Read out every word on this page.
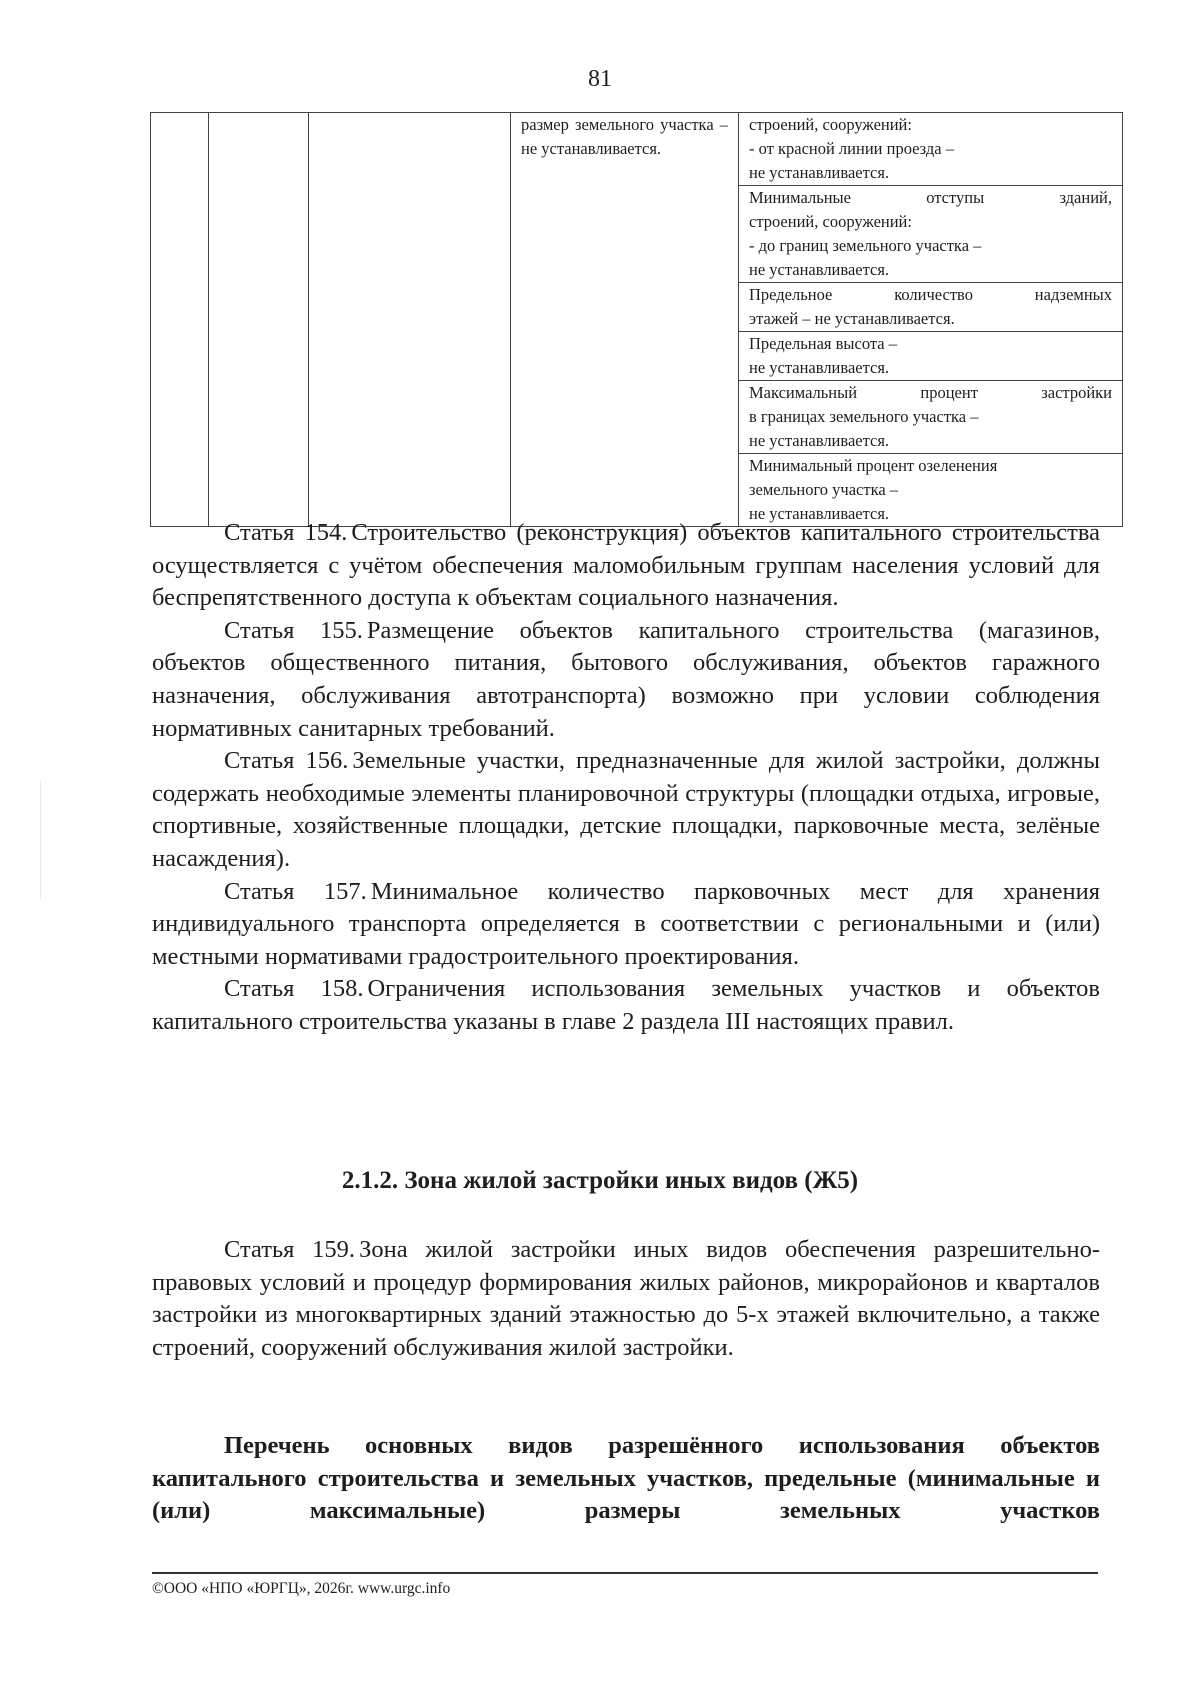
81

размер земельного участка –
не устанавливается.

строений, сооружений:
- от красной линии проезда –
не устанавливается.

Минимальные отступы зданий,
строений, сооружений:
- до границ земельного участка –
не устанавливается.

Предельное количество надземных
этажей – не устанавливается.

Предельная высота –
не устанавливается.

Максимальный процент застройки
в границах земельного участка –
не устанавливается.

Минимальный процент озеленения
земельного участка –
не устанавливается.

Статья 154. Строительство (реконструкция) объектов капитального строительства осуществляется с учётом обеспечения маломобильным группам населения условий для беспрепятственного доступа к объектам социального назначения.

Статья 155. Размещение объектов капитального строительства (магазинов, объектов общественного питания, бытового обслуживания, объектов гаражного назначения, обслуживания автотранспорта) возможно при условии соблюдения нормативных санитарных требований.

Статья 156. Земельные участки, предназначенные для жилой застройки, должны содержать необходимые элементы планировочной структуры (площадки отдыха, игровые, спортивные, хозяйственные площадки, детские площадки, парковочные места, зелёные насаждения).

Статья 157. Минимальное количество парковочных мест для хранения индивидуального транспорта определяется в соответствии с региональными и (или) местными нормативами градостроительного проектирования.

Статья 158. Ограничения использования земельных участков и объектов капитального строительства указаны в главе 2 раздела III настоящих правил.

2.1.2. Зона жилой застройки иных видов (Ж5)

Статья 159. Зона жилой застройки иных видов обеспечения разрешительно-правовых условий и процедур формирования жилых районов, микрорайонов и кварталов застройки из многоквартирных зданий этажностью до 5-х этажей включительно, а также строений, сооружений обслуживания жилой застройки.

Перечень основных видов разрешённого использования объектов капитального строительства и земельных участков, предельные (минимальные и (или) максимальные) размеры земельных участков

©ООО «НПО «ЮРГЦ», 2026г. www.urgc.info
